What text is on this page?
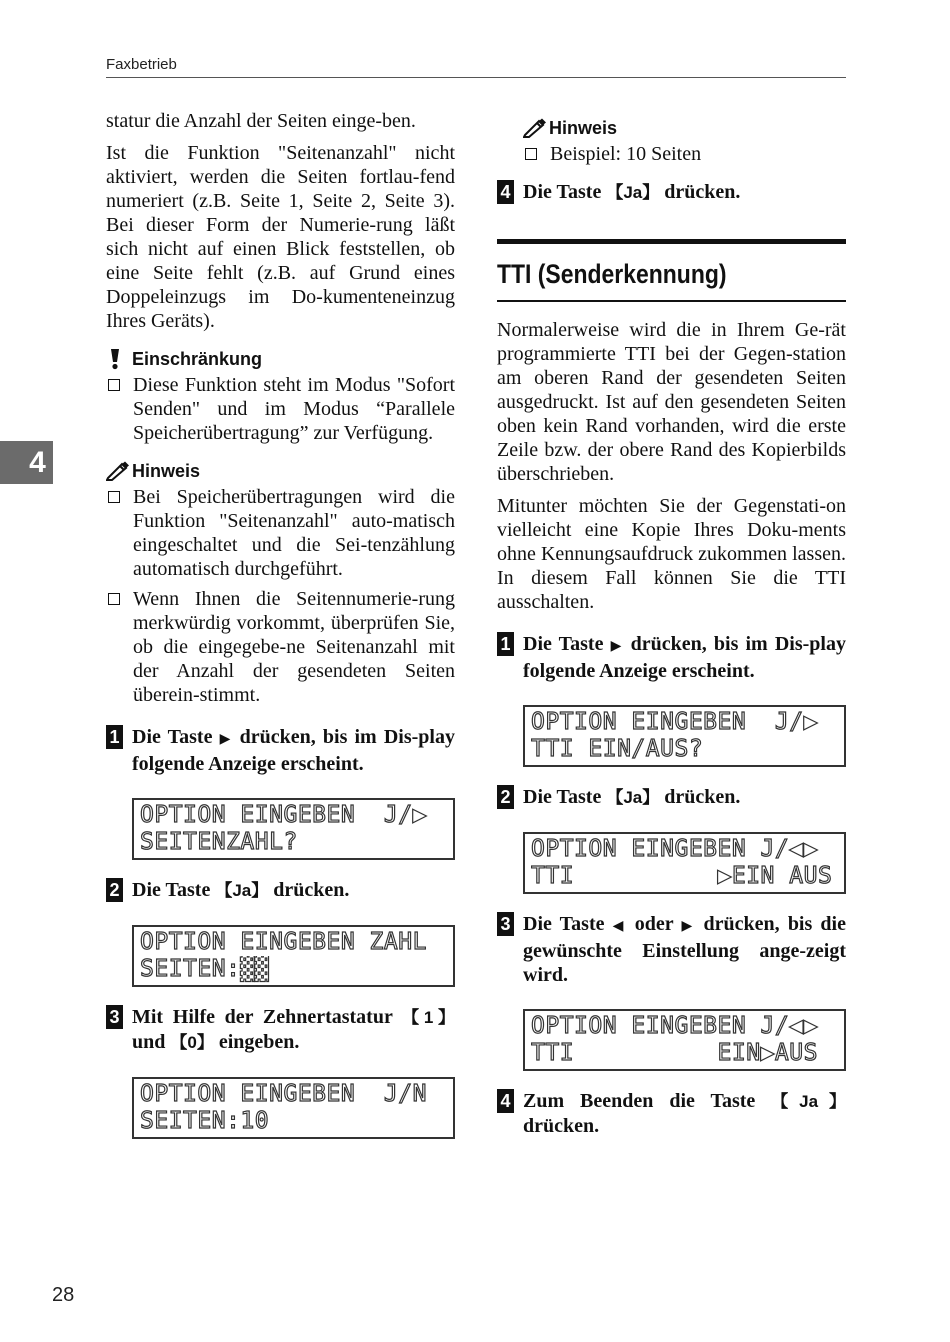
Faxbetrieb
4
28

statur die Anzahl der Seiten einge-ben.

Ist die Funktion "Seitenanzahl" nicht aktiviert, werden die Seiten fortlau-fend numeriert (z.B. Seite 1, Seite 2, Seite 3). Bei dieser Form der Numerie-rung läßt sich nicht auf einen Blick feststellen, ob eine Seite fehlt (z.B. auf Grund eines Doppeleinzugs im Do-kumenteneinzug Ihres Geräts).

Einschränkung
Diese Funktion steht im Modus "Sofort Senden" und im Modus “Parallele Speicherübertragung” zur Verfügung.
Hinweis
Bei Speicherübertragungen wird die Funktion "Seitenanzahl" auto-matisch eingeschaltet und die Sei-tenzählung automatisch durchgeführt.
Wenn Ihnen die Seitennumerie-rung merkwürdig vorkommt, überprüfen Sie, ob die eingegebe-ne Seitenanzahl mit der Anzahl der gesendeten Seiten überein-stimmt.
1 Die Taste ▶ drücken, bis im Dis-play folgende Anzeige erscheint.
OPTION EINGEBEN  J/▶
SEITENZAHL?
2 Die Taste 【Ja】 drücken.
OPTION EINGEBEN ZAHL
SEITEN:▓▓
3 Mit Hilfe der Zehnertastatur 【1】 und 【0】 eingeben.
OPTION EINGEBEN  J/N
SEITEN:10
Hinweis
Beispiel: 10 Seiten
4 Die Taste 【Ja】 drücken.
TTI (Senderkennung)

Normalerweise wird die in Ihrem Ge-rät programmierte TTI bei der Gegen-station am oberen Rand der gesendeten Seiten ausgedruckt. Ist auf den gesendeten Seiten oben kein Rand vorhanden, wird die erste Zeile bzw. der obere Rand des Kopierbilds überschrieben.

Mitunter möchten Sie der Gegenstati-on vielleicht eine Kopie Ihres Doku-ments ohne Kennungsaufdruck zukommen lassen. In diesem Fall können Sie die TTI ausschalten.

1 Die Taste ▶ drücken, bis im Dis-play folgende Anzeige erscheint.
OPTION EINGEBEN  J/▶
TTI EIN/AUS?
2 Die Taste 【Ja】 drücken.
OPTION EINGEBEN J/◀▶
TTI          ▶EIN AUS
3 Die Taste ◀ oder ▶ drücken, bis die gewünschte Einstellung ange-zeigt wird.
OPTION EINGEBEN J/◀▶
TTI          EIN▶AUS
4 Zum Beenden die Taste 【Ja】 drücken.
